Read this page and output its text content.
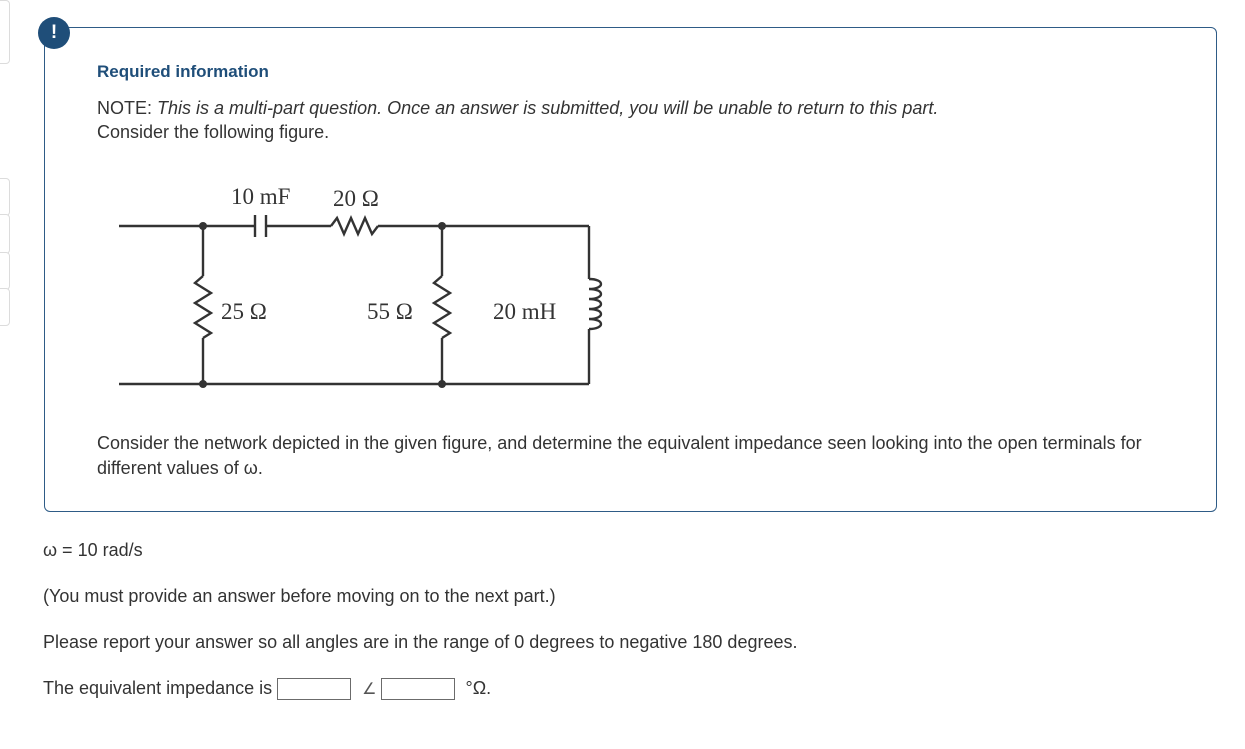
Required information
NOTE: This is a multi-part question. Once an answer is submitted, you will be unable to return to this part.
Consider the following figure.
10 mF 20 Ω
25 Ω	55 Ω	20 mH
Consider the network depicted in the given figure, and determine the equivalent impedance seen looking into the open terminals for different values of ω.
!
ω = 10 rad/s
(You must provide an answer before moving on to the next part.)
Please report your answer so all angles are in the range of 0 degrees to negative 180 degrees.
The equivalent impedance is	∠	°Ω.
